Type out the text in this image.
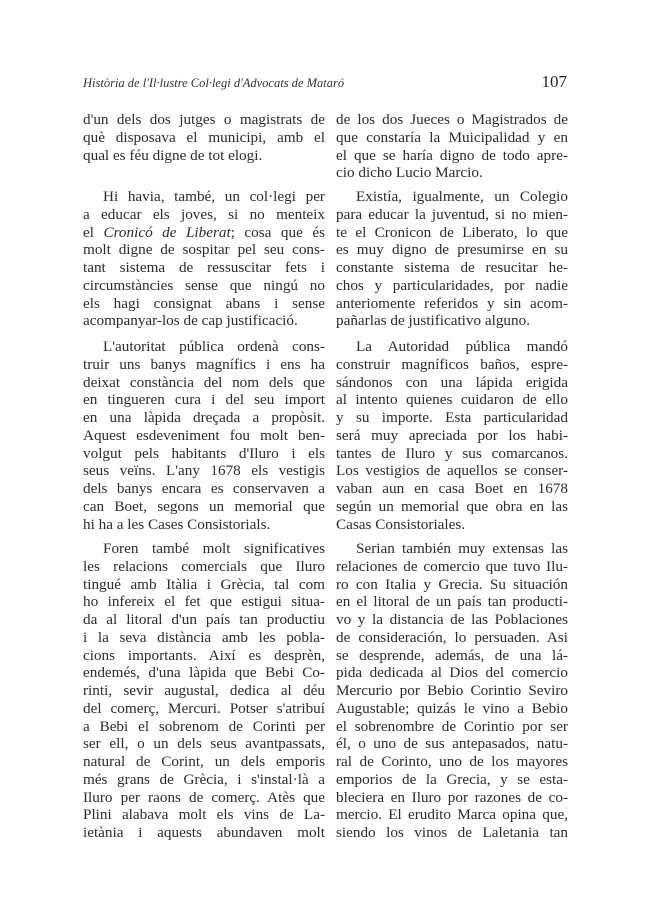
Història de l'Il·lustre Col·legi d'Advocats de Mataró	107
d'un dels dos jutges o magistrats de
què disposava el municipi, amb el
qual es féu digne de tot elogi.
Hi havia, també, un col·legi per
a educar els joves, si no menteix
el Cronicó de Liberat; cosa que és
molt digne de sospitar pel seu cons-
tant sistema de ressuscitar fets i
circumstàncies sense que ningú no
els hagi consignat abans i sense
acompanyar-los de cap justificació.
L'autoritat pública ordenà cons-
truir uns banys magnífics i ens ha
deixat constància del nom dels que
en tingueren cura i del seu import
en una làpida dreçada a propòsit.
Aquest esdeveniment fou molt ben-
volgut pels habitants d'Iluro i els
seus veïns. L'any 1678 els vestigis
dels banys encara es conservaven a
can Boet, segons un memorial que
hi ha a les Cases Consistorials.
Foren també molt significatives
les relacions comercials que Iluro
tingué amb Itàlia i Grècia, tal com
ho infereix el fet que estigui situa-
da al litoral d'un país tan productiu
i la seva distància amb les pobla-
cions importants. Així es desprèn,
endemés, d'una làpida que Bebi Co-
rinti, sevir augustal, dedica al déu
del comerç, Mercuri. Potser s'atribuí
a Bebi el sobrenom de Corinti per
ser ell, o un dels seus avantpassats,
natural de Corint, un dels emporis
més grans de Grècia, i s'instal·là a
Iluro per raons de comerç. Atès que
Plini alabava molt els vins de La-
ietània i aquests abundaven molt
de los dos Jueces o Magistrados de
que constaría la Muicipalidad y en
el que se haría digno de todo apre-
cio dicho Lucio Marcio.
Existía, igualmente, un Colegio
para educar la juventud, si no mien-
te el Cronicon de Liberato, lo que
es muy digno de presumirse en su
constante sistema de resucitar he-
chos y particularidades, por nadie
anteriomente referidos y sin acom-
pañarlas de justificativo alguno.
La Autoridad pública mandó
construir magníficos baños, espre-
sándonos con una lápida erigida
al intento quienes cuidaron de ello
y su importe. Esta particularidad
será muy apreciada por los habi-
tantes de Iluro y sus comarcanos.
Los vestigios de aquellos se conser-
vaban aun en casa Boet en 1678
según un memorial que obra en las
Casas Consistoriales.
Serian también muy extensas las
relaciones de comercio que tuvo Ilu-
ro con Italia y Grecia. Su situación
en el litoral de un país tan producti-
vo y la distancia de las Poblaciones
de consideración, lo persuaden. Asi
se desprende, además, de una lá-
pida dedicada al Dios del comercio
Mercurio por Bebio Corintio Seviro
Augustable; quizás le vino a Bebio
el sobrenombre de Corintio por ser
él, o uno de sus antepasados, natu-
ral de Corinto, uno de los mayores
emporios de la Grecia, y se esta-
bleciera en Iluro por razones de co-
mercio. El erudito Marca opina que,
siendo los vinos de Laletania tan
